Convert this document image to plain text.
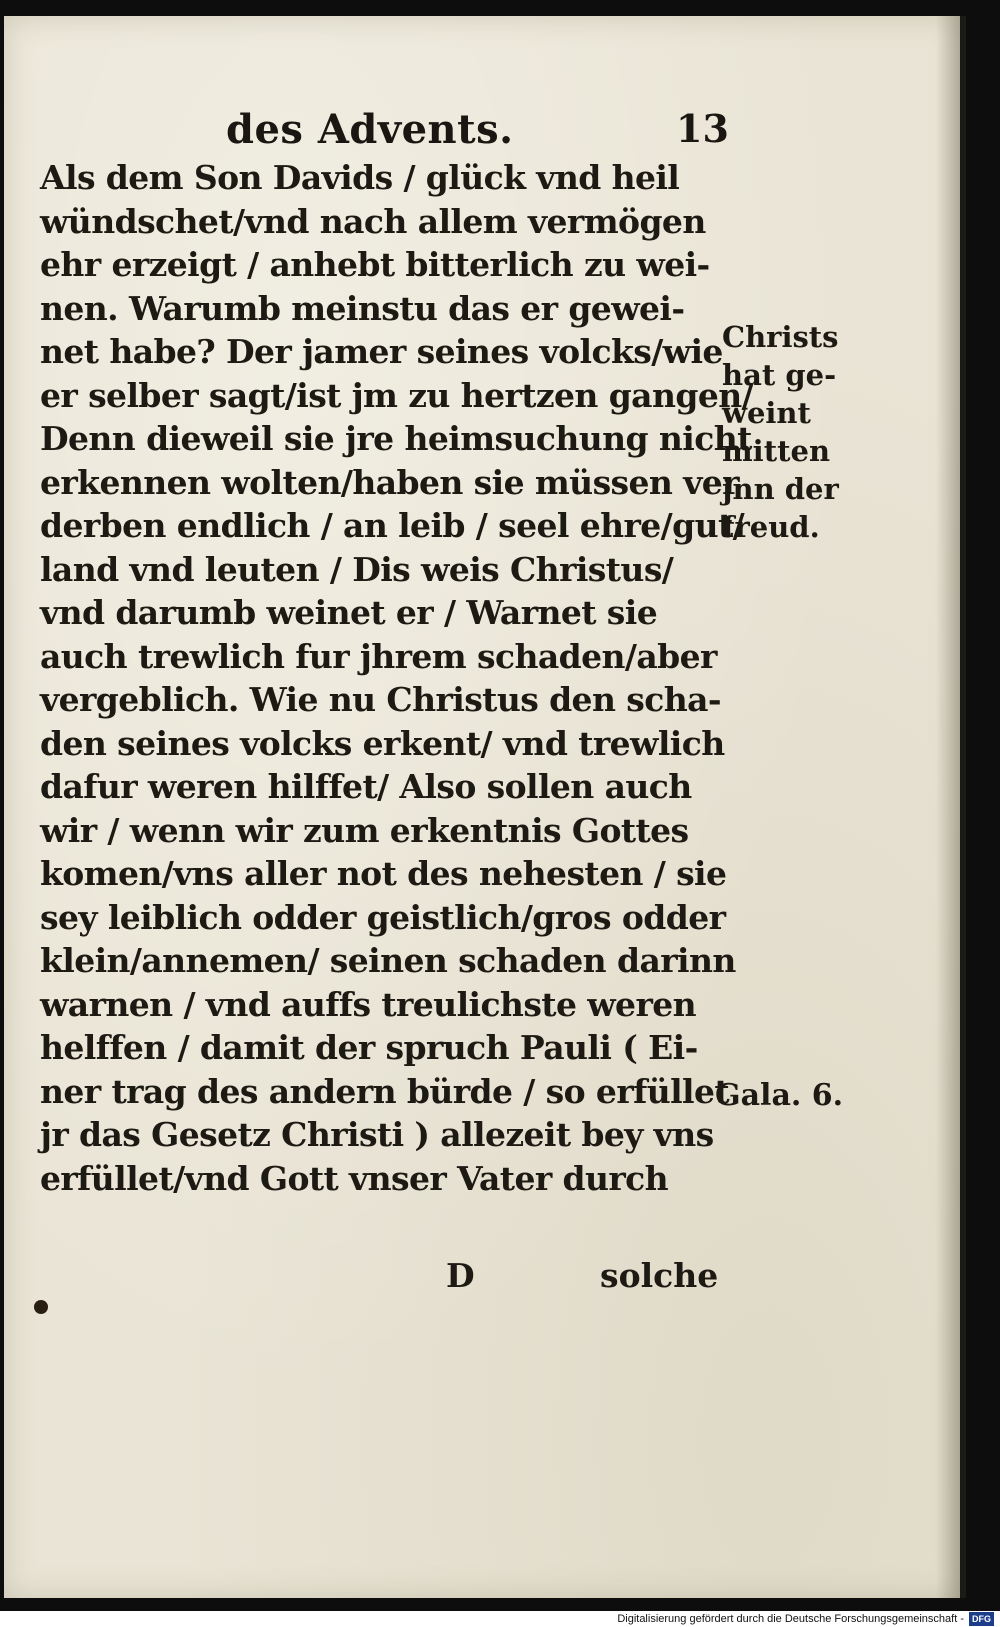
des Advents.	13
Als dem Son Davids / glück vnd heil
wündschet/vnd nach allem vermögen
ehr erzeigt / anhebt bitterlich zu wei-
nen. Warumb meinstu das er gewei-
net habe? Der jamer seines volcks/wie
er selber sagt/ist jm zu hertzen gangen/
Denn dieweil sie jre heimsuchung nicht
erkennen wolten/haben sie müssen ver
derben endlich / an leib / seel ehre/gut/
land vnd leuten / Dis weis Christus/
vnd darumb weinet er / Warnet sie
auch trewlich fur jhrem schaden/aber
vergeblich. Wie nu Christus den scha-
den seines volcks erkent/ vnd trewlich
dafur weren hilffet/ Also sollen auch
wir / wenn wir zum erkentnis Gottes
komen/vns aller not des nehesten / sie
sey leiblich odder geistlich/gros odder
klein/annemen/ seinen schaden darinn
warnen / vnd auffs treulichste weren
helffen / damit der spruch Pauli ( Ei-
ner trag des andern bürde / so erfüllet
jr das Gesetz Christi ) allezeit bey vns
erfüllet/vnd Gott vnser Vater durch
D	solche
Christs
hat ge-
weint
mitten
jnn der
freud.
Gala. 6.
Digitalisierung gefördert durch die Deutsche Forschungsgemeinschaft - DFG
